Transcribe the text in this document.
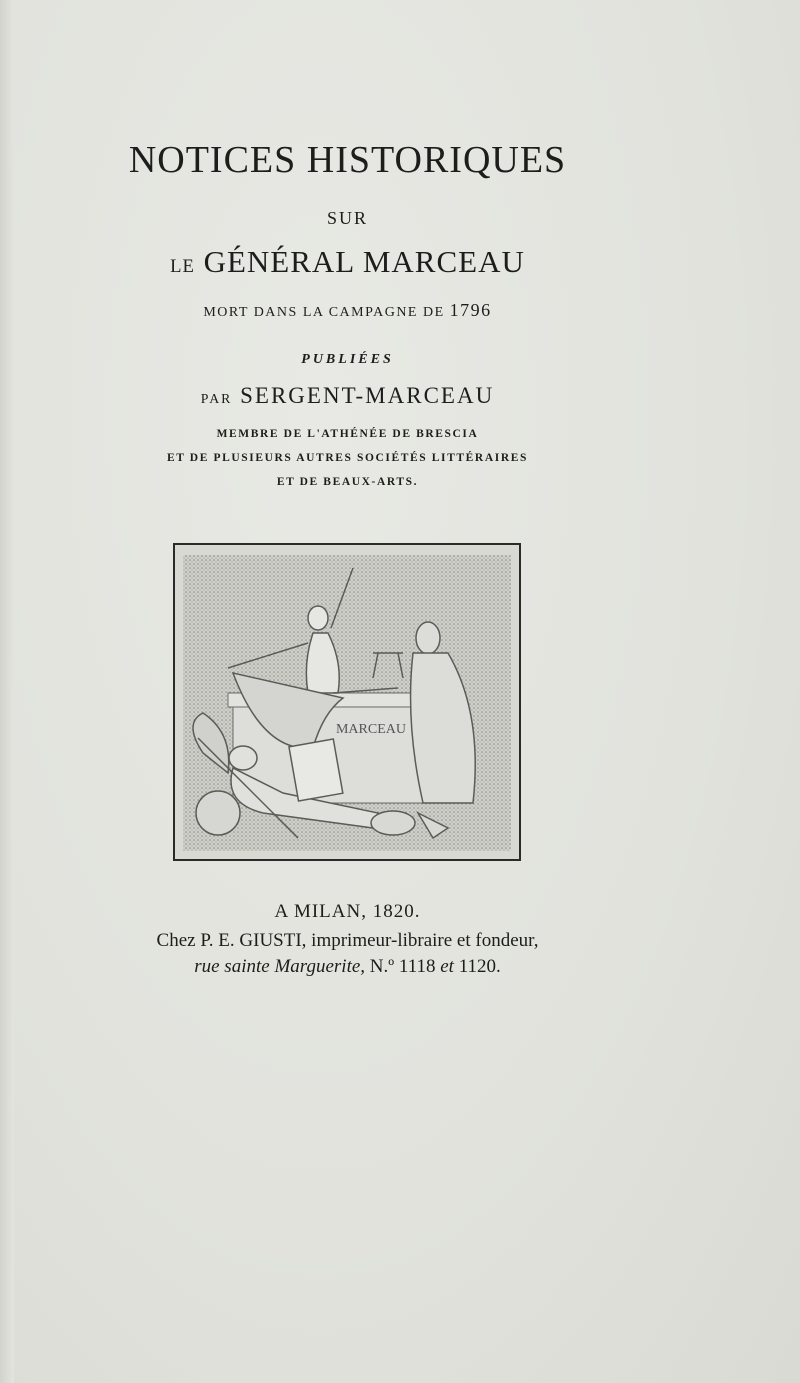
NOTICES HISTORIQUES
SUR
LE GÉNÉRAL MARCEAU
MORT DANS LA CAMPAGNE DE 1796
PUBLIÉES
PAR SERGENT-MARCEAU
MEMBRE DE L'ATHÉNÉE DE BRESCIA
ET DE PLUSIEURS AUTRES SOCIÉTÉS LITTÉRAIRES
ET DE BEAUX-ARTS.
MARCEAU
A MILAN, 1820.
Chez P. E. GIUSTI, imprimeur-libraire et fondeur,
rue sainte Marguerite, N.º 1118 et 1120.
